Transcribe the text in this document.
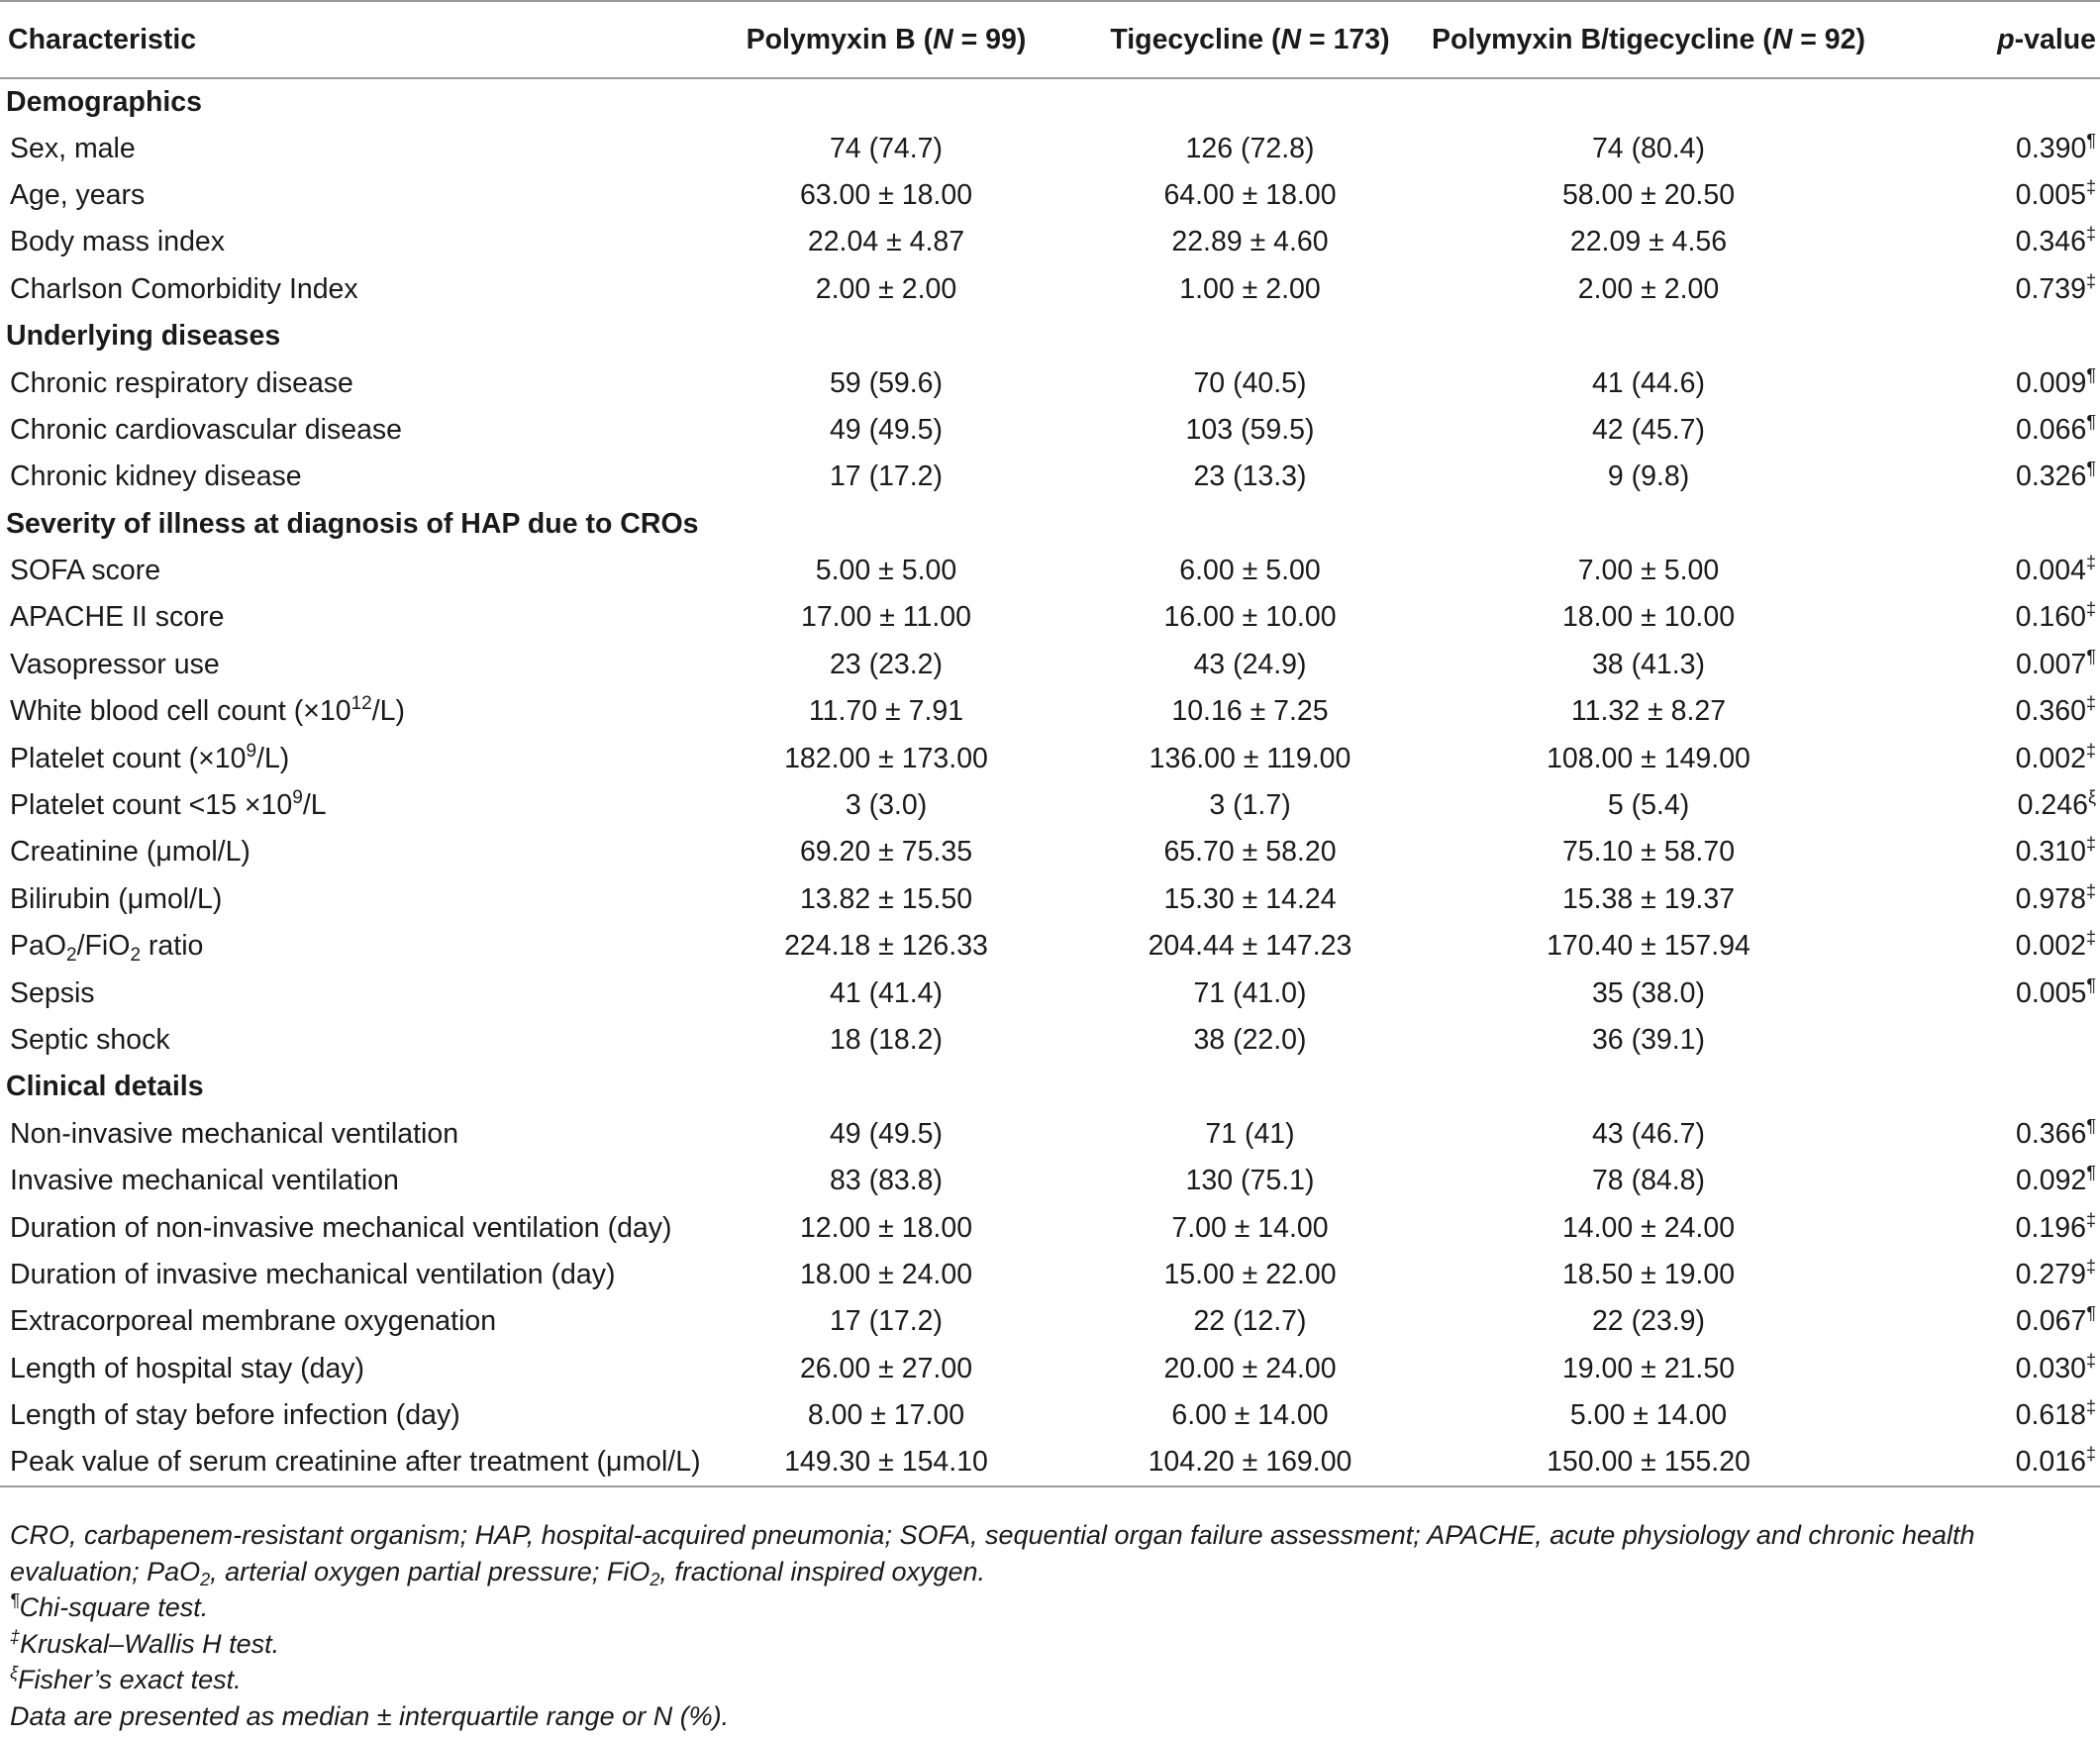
Characteristic	Polymyxin B (N = 99)	Tigecycline (N = 173)	Polymyxin B/tigecycline (N = 92)	p-value
Demographics				
Sex, male	74 (74.7)	126 (72.8)	74 (80.4)	0.390¶
Age, years	63.00 ± 18.00	64.00 ± 18.00	58.00 ± 20.50	0.005‡
Body mass index	22.04 ± 4.87	22.89 ± 4.60	22.09 ± 4.56	0.346‡
Charlson Comorbidity Index	2.00 ± 2.00	1.00 ± 2.00	2.00 ± 2.00	0.739‡
Underlying diseases				
Chronic respiratory disease	59 (59.6)	70 (40.5)	41 (44.6)	0.009¶
Chronic cardiovascular disease	49 (49.5)	103 (59.5)	42 (45.7)	0.066¶
Chronic kidney disease	17 (17.2)	23 (13.3)	9 (9.8)	0.326¶
Severity of illness at diagnosis of HAP due to CROs				
SOFA score	5.00 ± 5.00	6.00 ± 5.00	7.00 ± 5.00	0.004‡
APACHE II score	17.00 ± 11.00	16.00 ± 10.00	18.00 ± 10.00	0.160‡
Vasopressor use	23 (23.2)	43 (24.9)	38 (41.3)	0.007¶
White blood cell count $(\times 10^{12}/L)$	11.70 ± 7.91	10.16 ± 7.25	11.32 ± 8.27	0.360‡
Platelet count $(\times 10^9/L)$	182.00 ± 173.00	136.00 ± 119.00	108.00 ± 149.00	0.002‡
Platelet count $<15 \times 10^9/L$	3 (3.0)	3 (1.7)	5 (5.4)	$0.246^\xi$
Creatinine (μmol/L)	69.20 ± 75.35	65.70 ± 58.20	75.10 ± 58.70	0.310‡
Bilirubin (μmol/L)	13.82 ± 15.50	15.30 ± 14.24	15.38 ± 19.37	0.978‡
PaO$_2$/FiO$_2$ ratio	224.18 ± 126.33	204.44 ± 147.23	170.40 ± 157.94	0.002‡
Sepsis	41 (41.4)	71 (41.0)	35 (38.0)	0.005¶
Septic shock	18 (18.2)	38 (22.0)	36 (39.1)	
Clinical details				
Non-invasive mechanical ventilation	49 (49.5)	71 (41)	43 (46.7)	0.366¶
Invasive mechanical ventilation	83 (83.8)	130 (75.1)	78 (84.8)	0.092¶
Duration of non-invasive mechanical ventilation (day)	12.00 ± 18.00	7.00 ± 14.00	14.00 ± 24.00	0.196‡
Duration of invasive mechanical ventilation (day)	18.00 ± 24.00	15.00 ± 22.00	18.50 ± 19.00	0.279‡
Extracorporeal membrane oxygenation	17 (17.2)	22 (12.7)	22 (23.9)	0.067¶
Length of hospital stay (day)	26.00 ± 27.00	20.00 ± 24.00	19.00 ± 21.50	0.030‡
Length of stay before infection (day)	8.00 ± 17.00	6.00 ± 14.00	5.00 ± 14.00	0.618‡
Peak value of serum creatinine after treatment (μmol/L)	149.30 ± 154.10	104.20 ± 169.00	150.00 ± 155.20	0.016‡
CRO, carbapenem-resistant organism; HAP, hospital-acquired pneumonia; SOFA, sequential organ failure assessment; APACHE, acute physiology and chronic health evaluation; PaO$_2$, arterial oxygen partial pressure; FiO$_2$, fractional inspired oxygen.
¶Chi-square test.
‡Kruskal–Wallis H test.
$^\xi$Fisher’s exact test.
Data are presented as median ± interquartile range or N (%).
